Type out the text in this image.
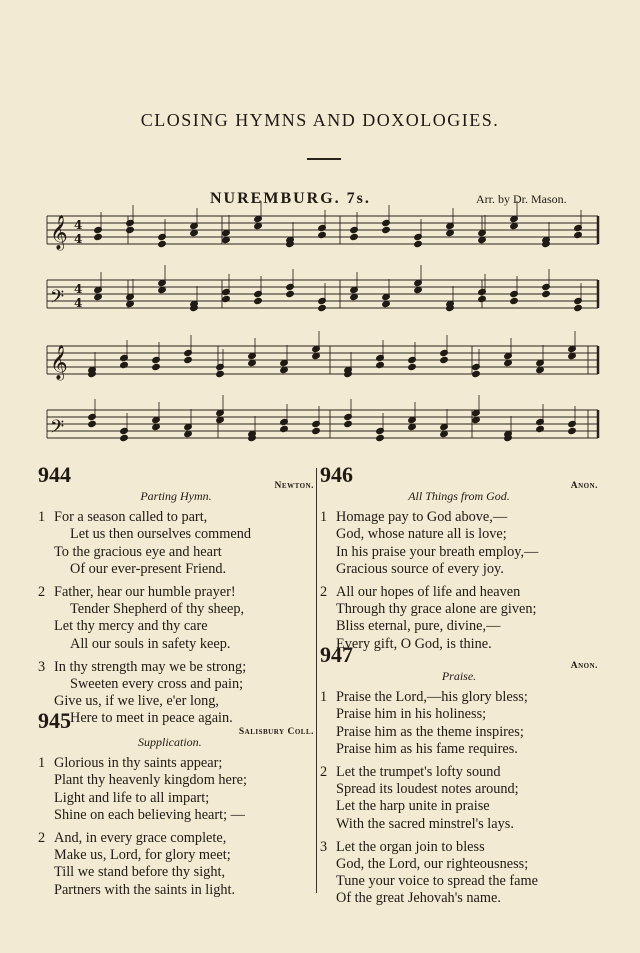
CLOSING HYMNS AND DOXOLOGIES.
NUREMBURG. 7s.	Arr. by Dr. Mason.
𝄞 4
4
𝄢 4
4
𝄞
𝄢
944	Newton.
Parting Hymn.
1 For a season called to part,
Let us then ourselves commend
To the gracious eye and heart
Of our ever-present Friend.
2 Father, hear our humble prayer!
Tender Shepherd of thy sheep,
Let thy mercy and thy care
All our souls in safety keep.
3 In thy strength may we be strong;
Sweeten every cross and pain;
Give us, if we live, e'er long,
Here to meet in peace again.
945	Salisbury Coll.
Supplication.
1 Glorious in thy saints appear;
Plant thy heavenly kingdom here;
Light and life to all impart;
Shine on each believing heart; —
2 And, in every grace complete,
Make us, Lord, for glory meet;
Till we stand before thy sight,
Partners with the saints in light.
946	Anon.
All Things from God.
1 Homage pay to God above,—
God, whose nature all is love;
In his praise your breath employ,—
Gracious source of every joy.
2 All our hopes of life and heaven
Through thy grace alone are given;
Bliss eternal, pure, divine,—
Every gift, O God, is thine.
947	Anon.
Praise.
1 Praise the Lord,—his glory bless;
Praise him in his holiness;
Praise him as the theme inspires;
Praise him as his fame requires.
2 Let the trumpet's lofty sound
Spread its loudest notes around;
Let the harp unite in praise
With the sacred minstrel's lays.
3 Let the organ join to bless
God, the Lord, our righteousness;
Tune your voice to spread the fame
Of the great Jehovah's name.
